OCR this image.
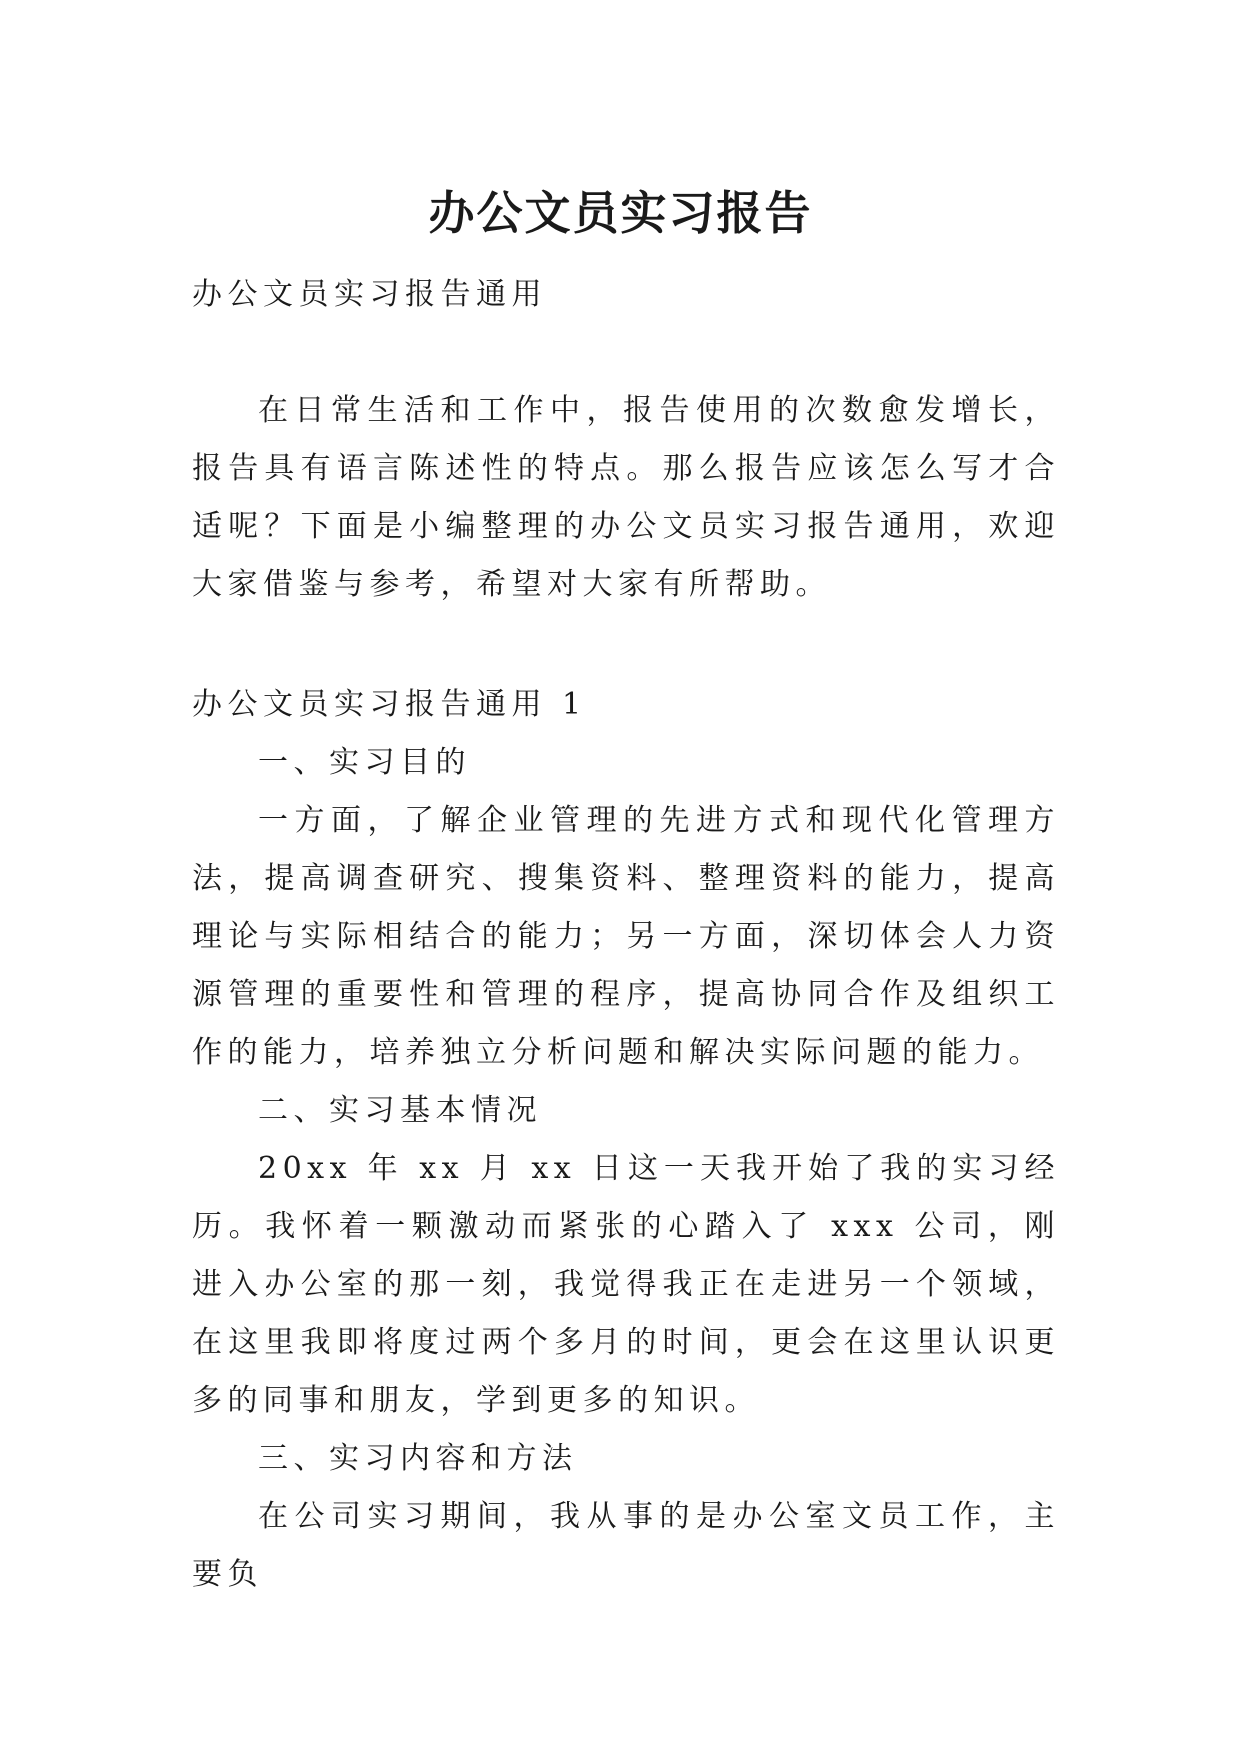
办公文员实习报告

办公文员实习报告通用

在日常生活和工作中，报告使用的次数愈发增长，报告具有语言陈述性的特点。那么报告应该怎么写才合适呢？下面是小编整理的办公文员实习报告通用，欢迎大家借鉴与参考，希望对大家有所帮助。

办公文员实习报告通用 1

一、实习目的

一方面，了解企业管理的先进方式和现代化管理方法，提高调查研究、搜集资料、整理资料的能力，提高理论与实际相结合的能力；另一方面，深切体会人力资源管理的重要性和管理的程序，提高协同合作及组织工作的能力，培养独立分析问题和解决实际问题的能力。

二、实习基本情况

20xx 年 xx 月 xx 日这一天我开始了我的实习经历。我怀着一颗激动而紧张的心踏入了 xxx 公司，刚进入办公室的那一刻，我觉得我正在走进另一个领域，在这里我即将度过两个多月的时间，更会在这里认识更多的同事和朋友，学到更多的知识。

三、实习内容和方法

在公司实习期间，我从事的是办公室文员工作，主要负
